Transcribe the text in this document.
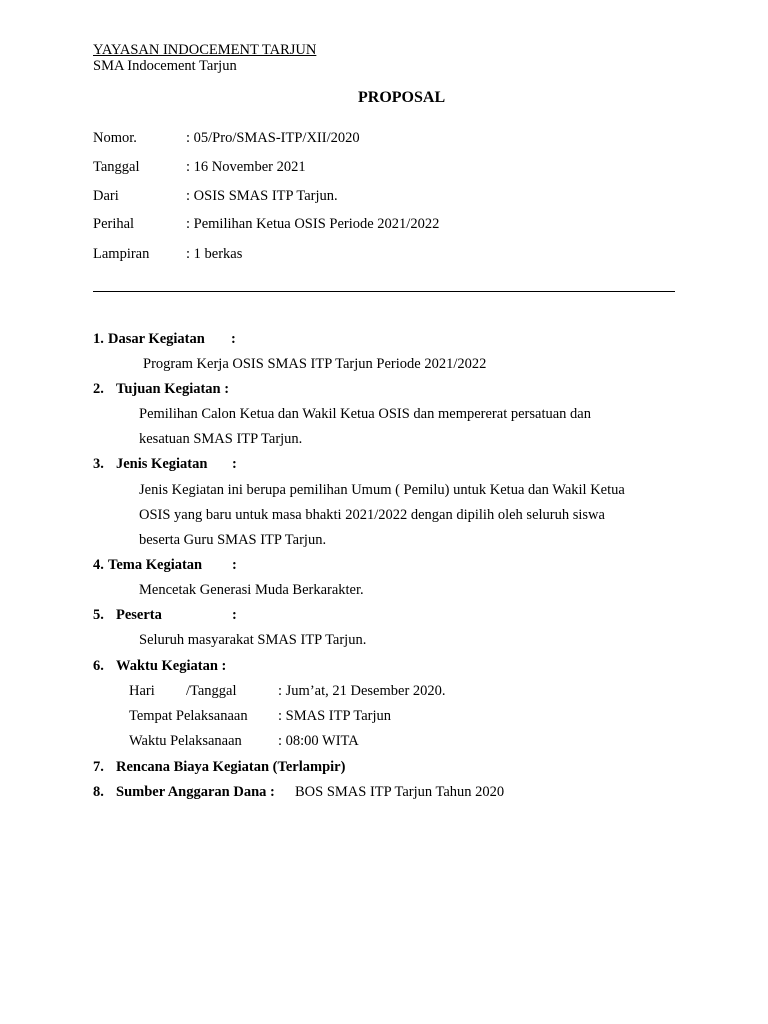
YAYASAN INDOCEMENT TARJUN
SMA Indocement Tarjun
PROPOSAL
Nomor.	: 05/Pro/SMAS-ITP/XII/2020
Tanggal	: 16 November 2021
Dari	: OSIS SMAS ITP Tarjun.
Perihal	: Pemilihan Ketua OSIS Periode 2021/2022
Lampiran	: 1 berkas
1. Dasar Kegiatan :
Program Kerja OSIS SMAS ITP Tarjun Periode 2021/2022
2. Tujuan Kegiatan :
Pemilihan Calon Ketua dan Wakil Ketua OSIS dan mempererat persatuan dan
kesatuan SMAS ITP Tarjun.
3. Jenis Kegiatan :
Jenis Kegiatan ini berupa pemilihan Umum ( Pemilu) untuk Ketua dan Wakil Ketua
OSIS yang baru untuk masa bhakti 2021/2022 dengan dipilih oleh seluruh siswa
beserta Guru SMAS ITP Tarjun.
4. Tema Kegiatan :
Mencetak Generasi Muda Berkarakter.
5. Peserta	:
Seluruh masyarakat SMAS ITP Tarjun.
6. Waktu Kegiatan :
Hari /Tanggal	: Jum’at, 21 Desember 2020.
Tempat Pelaksanaan : SMAS ITP Tarjun
Waktu Pelaksanaan : 08:00 WITA
7. Rencana Biaya Kegiatan (Terlampir)
8. Sumber Anggaran Dana : BOS SMAS ITP Tarjun Tahun 2020
